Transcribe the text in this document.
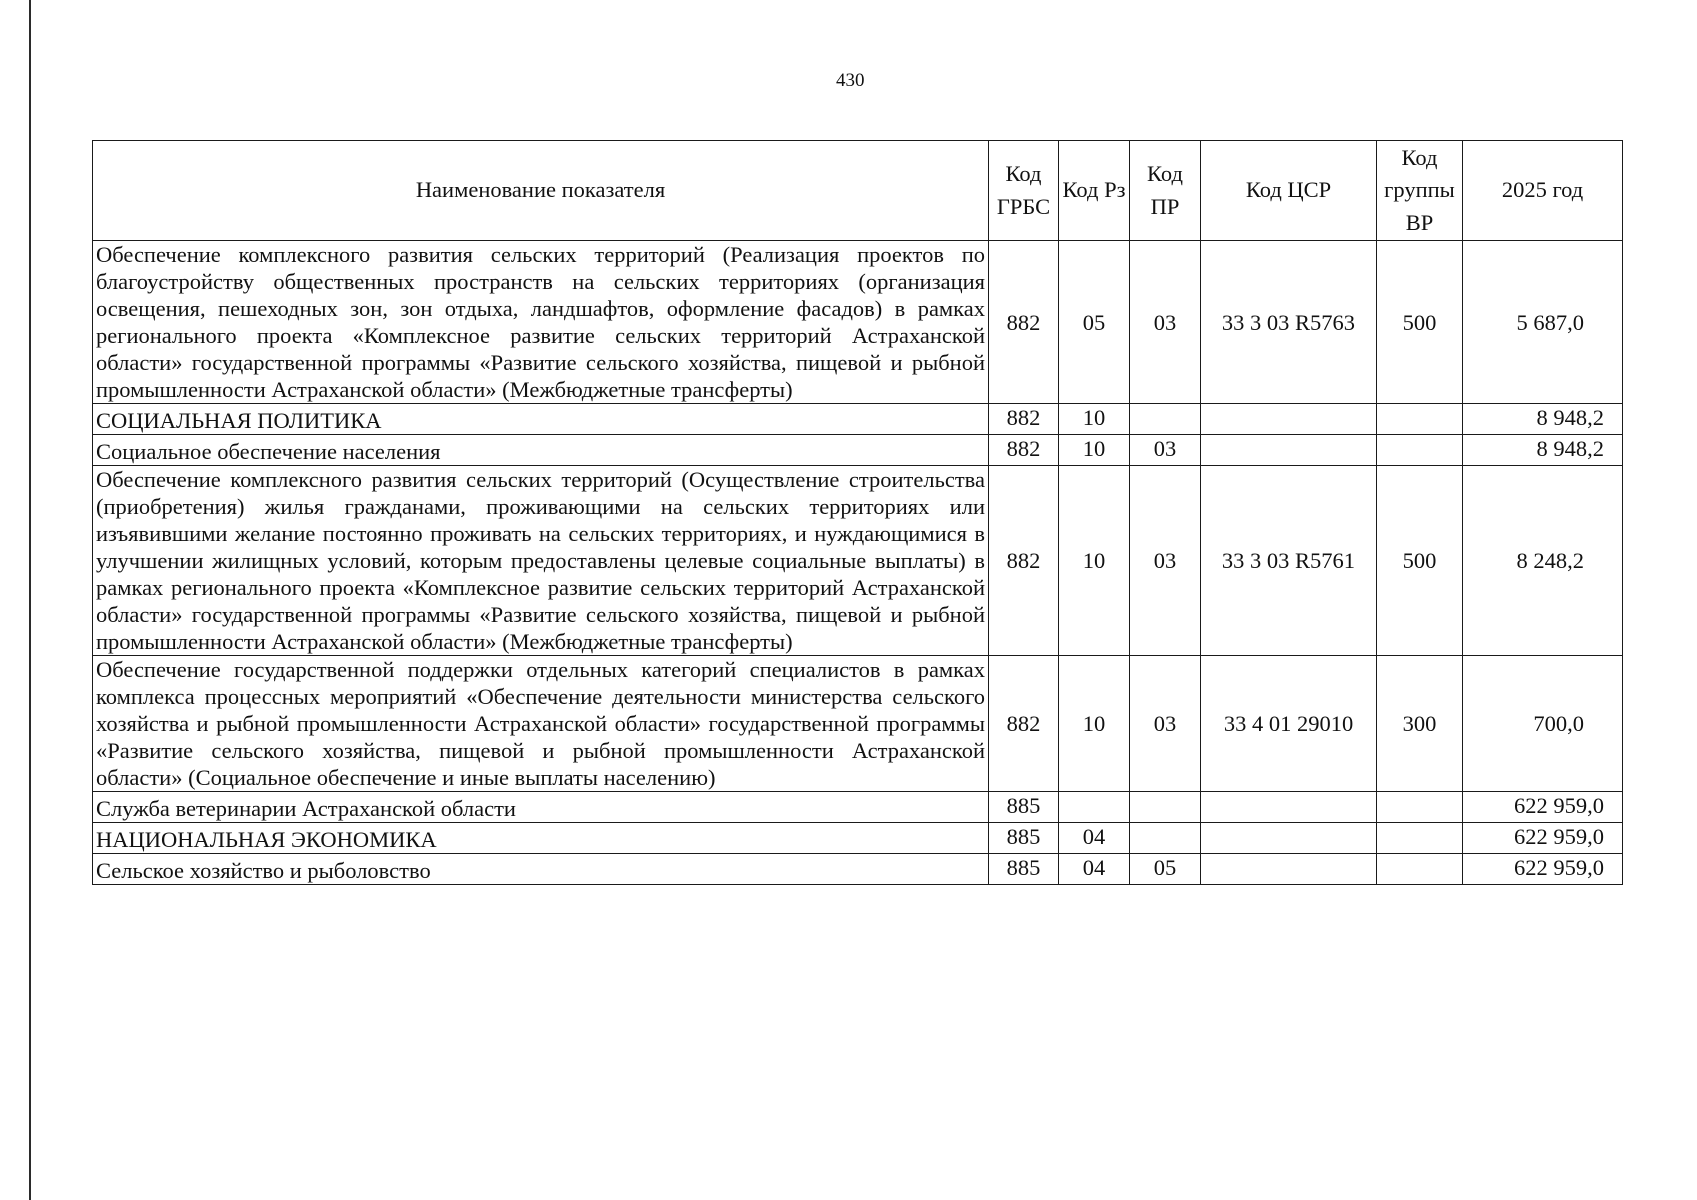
430
Наименование показателя	Код ГРБС	Код Рз	Код ПР	Код ЦСР	Код группы ВР	2025 год
Обеспечение комплексного развития сельских территорий (Реализация проектов по благоустройству общественных пространств на сельских территориях (организация освещения, пешеходных зон, зон отдыха, ландшафтов, оформление фасадов) в рамках регионального проекта «Комплексное развитие сельских территорий Астраханской области» государственной программы «Развитие сельского хозяйства, пищевой и рыбной промышленности Астраханской области» (Межбюджетные трансферты)	882	05	03	33 3 03 R5763	500	5 687,0
СОЦИАЛЬНАЯ ПОЛИТИКА	882	10				8 948,2
Социальное обеспечение населения	882	10	03			8 948,2
Обеспечение комплексного развития сельских территорий (Осуществление строительства (приобретения) жилья гражданами, проживающими на сельских территориях или изъявившими желание постоянно проживать на сельских территориях, и нуждающимися в улучшении жилищных условий, которым предоставлены целевые социальные выплаты) в рамках регионального проекта «Комплексное развитие сельских территорий Астраханской области» государственной программы «Развитие сельского хозяйства, пищевой и рыбной промышленности Астраханской области» (Межбюджетные трансферты)	882	10	03	33 3 03 R5761	500	8 248,2
Обеспечение государственной поддержки отдельных категорий специалистов в рамках комплекса процессных мероприятий «Обеспечение деятельности министерства сельского хозяйства и рыбной промышленности Астраханской области» государственной программы «Развитие сельского хозяйства, пищевой и рыбной промышленности Астраханской области» (Социальное обеспечение и иные выплаты населению)	882	10	03	33 4 01 29010	300	700,0
Служба ветеринарии Астраханской области	885					622 959,0
НАЦИОНАЛЬНАЯ ЭКОНОМИКА	885	04				622 959,0
Сельское хозяйство и рыболовство	885	04	05			622 959,0
